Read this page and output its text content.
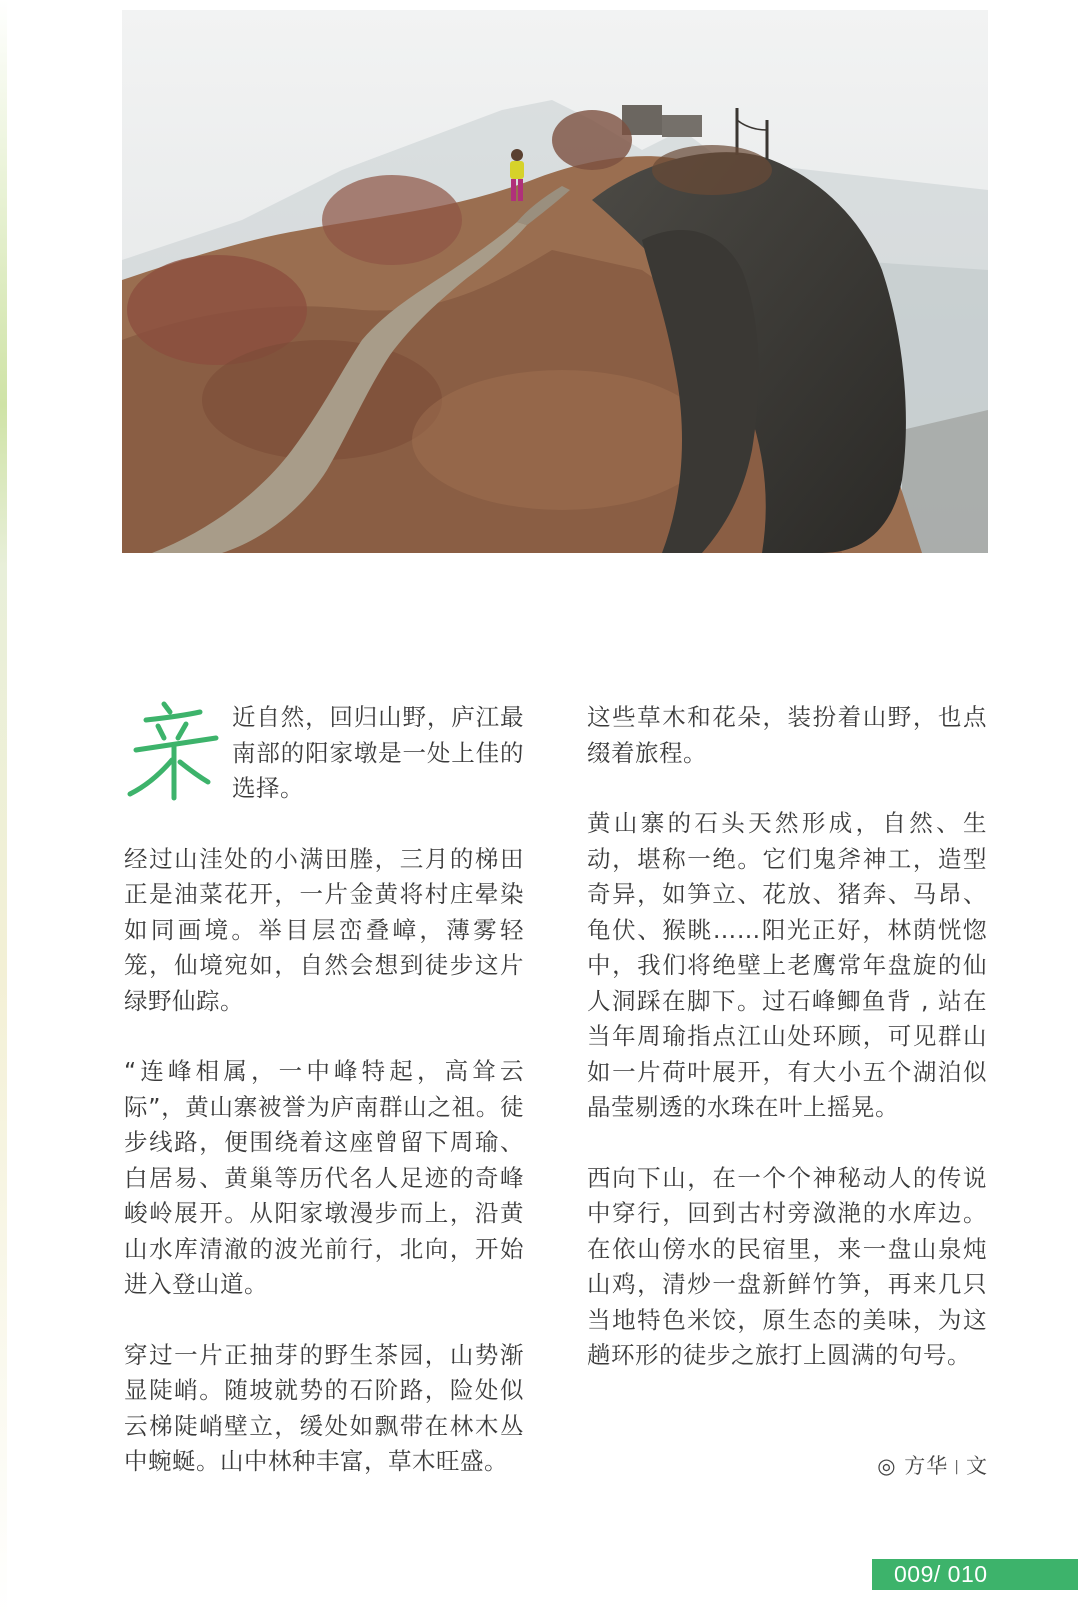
近自然，回归山野，庐江最南部的阳家墩是一处上佳的选择。

经过山洼处的小满田塍，三月的梯田正是油菜花开，一片金黄将村庄晕染如同画境。举目层峦叠嶂，薄雾轻笼，仙境宛如，自然会想到徒步这片绿野仙踪。

“连峰相属，一中峰特起，高耸云际”，黄山寨被誉为庐南群山之祖。徒步线路，便围绕着这座曾留下周瑜、白居易、黄巢等历代名人足迹的奇峰峻岭展开。从阳家墩漫步而上，沿黄山水库清澈的波光前行，北向，开始进入登山道。

穿过一片正抽芽的野生茶园，山势渐显陡峭。随坡就势的石阶路，险处似云梯陡峭壁立，缓处如飘带在林木丛中蜿蜒。山中林种丰富，草木旺盛。

这些草木和花朵，装扮着山野，也点缀着旅程。

黄山寨的石头天然形成，自然、生动，堪称一绝。它们鬼斧神工，造型奇异，如笋立、花放、猪奔、马昂、龟伏、猴眺……阳光正好，林荫恍惚中，我们将绝壁上老鹰常年盘旋的仙人洞踩在脚下。过石峰鲫鱼背 , 站在当年周瑜指点江山处环顾，可见群山如一片荷叶展开，有大小五个湖泊似晶莹剔透的水珠在叶上摇晃。

西向下山，在一个个神秘动人的传说中穿行，回到古村旁潋滟的水库边。在依山傍水的民宿里，来一盘山泉炖山鸡，清炒一盘新鲜竹笋，再来几只当地特色米饺，原生态的美味，为这趟环形的徒步之旅打上圆满的句号。

◎ 方华 | 文
009/ 010
